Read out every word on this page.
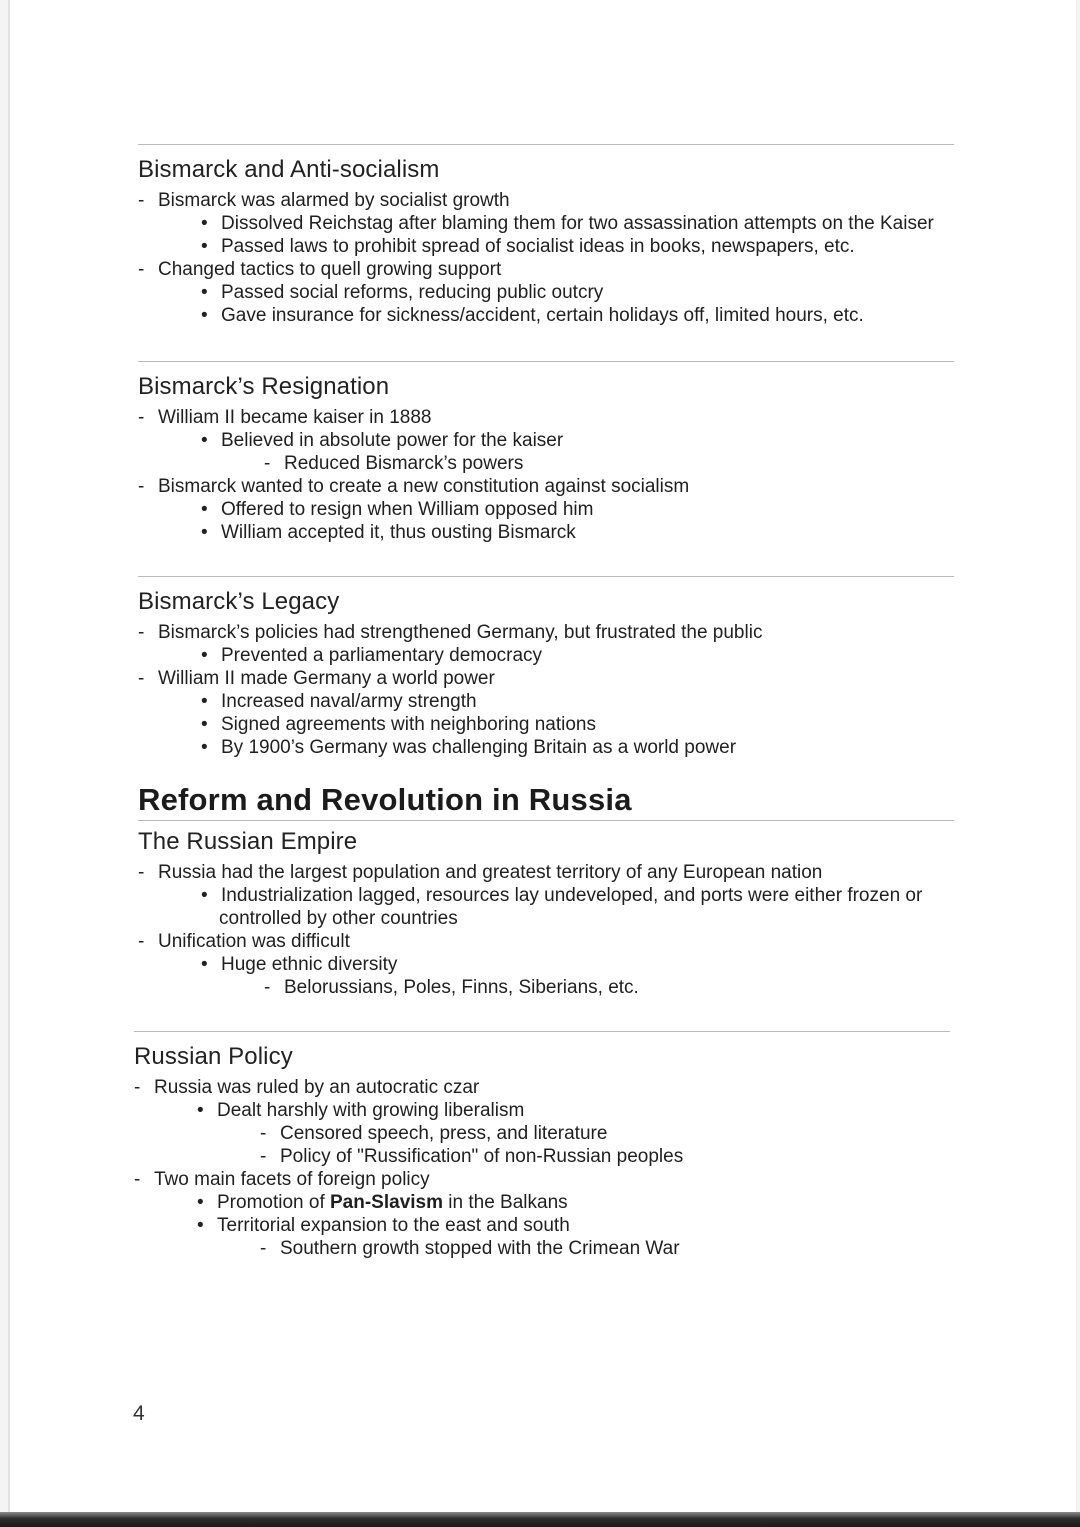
Bismarck and Anti-socialism
- Bismarck was alarmed by socialist growth
• Dissolved Reichstag after blaming them for two assassination attempts on the Kaiser
• Passed laws to prohibit spread of socialist ideas in books, newspapers, etc.
- Changed tactics to quell growing support
• Passed social reforms, reducing public outcry
• Gave insurance for sickness/accident, certain holidays off, limited hours, etc.
Bismarck’s Resignation
- William II became kaiser in 1888
• Believed in absolute power for the kaiser
- Reduced Bismarck’s powers
- Bismarck wanted to create a new constitution against socialism
• Offered to resign when William opposed him
• William accepted it, thus ousting Bismarck
Bismarck’s Legacy
- Bismarck’s policies had strengthened Germany, but frustrated the public
• Prevented a parliamentary democracy
- William II made Germany a world power
• Increased naval/army strength
• Signed agreements with neighboring nations
• By 1900’s Germany was challenging Britain as a world power
Reform and Revolution in Russia
The Russian Empire
- Russia had the largest population and greatest territory of any European nation
• Industrialization lagged, resources lay undeveloped, and ports were either frozen or
controlled by other countries
- Unification was difficult
• Huge ethnic diversity
- Belorussians, Poles, Finns, Siberians, etc.
Russian Policy
- Russia was ruled by an autocratic czar
• Dealt harshly with growing liberalism
- Censored speech, press, and literature
- Policy of "Russification" of non-Russian peoples
- Two main facets of foreign policy
• Promotion of Pan-Slavism in the Balkans
• Territorial expansion to the east and south
- Southern growth stopped with the Crimean War
4
